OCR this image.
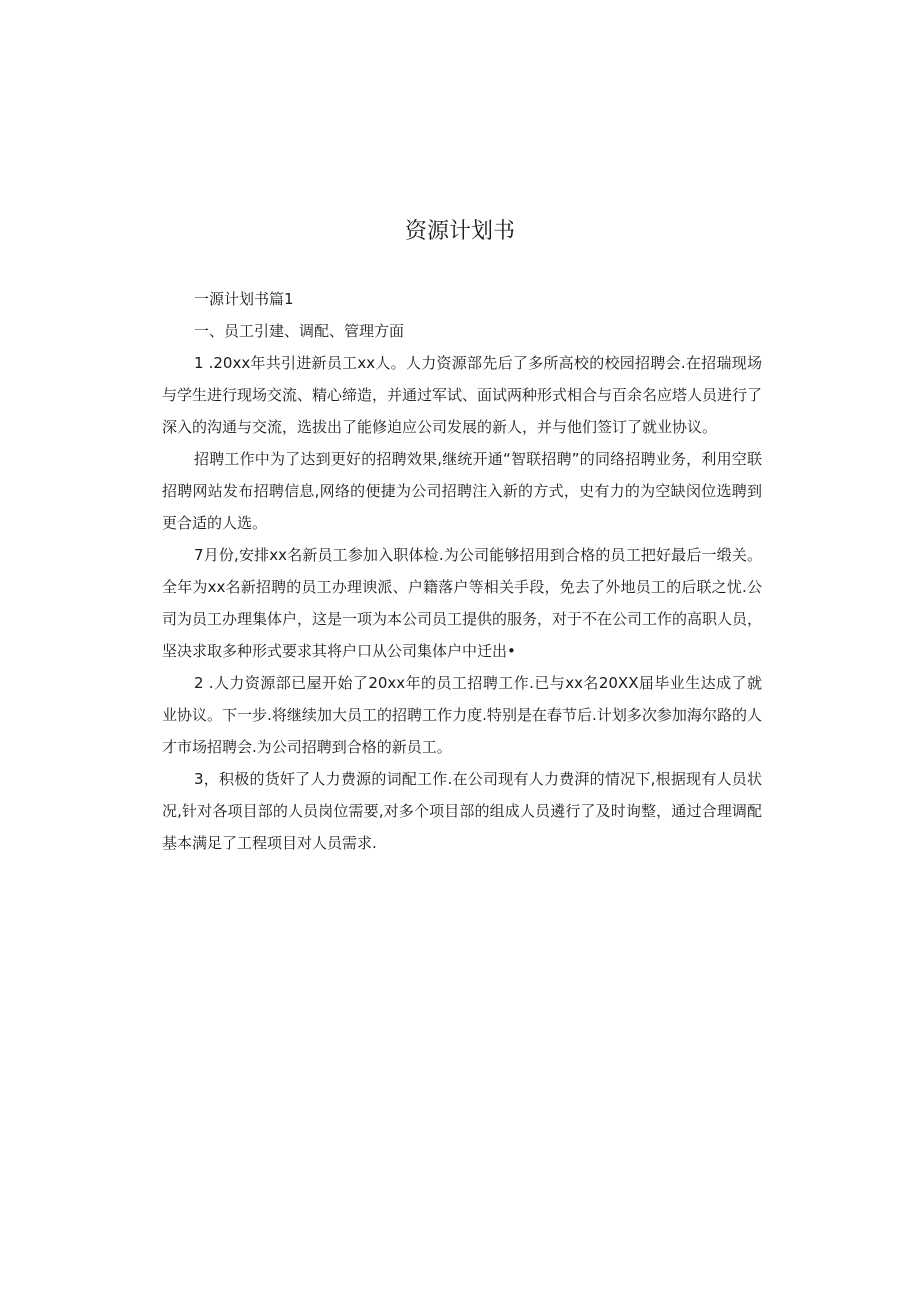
资源计划书

一源计划书篇1

一、员工引建、调配、管理方面

1 .20xx年共引进新员工xx人。人力资源部先后了多所高校的校园招聘会.在招瑞现场与学生进行现场交流、精心缔造，并通过军试、面试两种形式相合与百余名应塔人员进行了深入的沟通与交流，选拔出了能修迫应公司发展的新人，并与他们签订了就业协议。

招聘工作中为了达到更好的招聘效果,继统开通“智联招聘”的同络招聘业务，利用空联招聘网站发布招聘信息,网络的便捷为公司招聘注入新的方式，史有力的为空缺闵位选聘到更合适的人选。

7月份,安排xx名新员工参加入职体检.为公司能够招用到合格的员工把好最后一缎关。全年为xx名新招聘的员工办理谀派、户籍落户等相关手段，免去了外地员工的后联之忧.公司为员工办理集体户，这是一项为本公司员工提供的服务，对于不在公司工作的高职人员，坚决求取多种形式要求其将户口从公司集体户中迁出•

2 .人力资源部已屋开始了20xx年的员工招聘工作.已与xx名20XX届毕业生达成了就业协议。下一步.将继续加大员工的招聘工作力度.特别是在春节后.计划多次参加海尔路的人才市场招聘会.为公司招聘到合格的新员工。

3，积极的货奸了人力费源的词配工作.在公司现有人力费湃的情况下,根据现有人员状况,针对各项目部的人员岗位需要,对多个项目部的组成人员遴行了及时询整，通过合理调配基本满足了工程项目对人员需求.
